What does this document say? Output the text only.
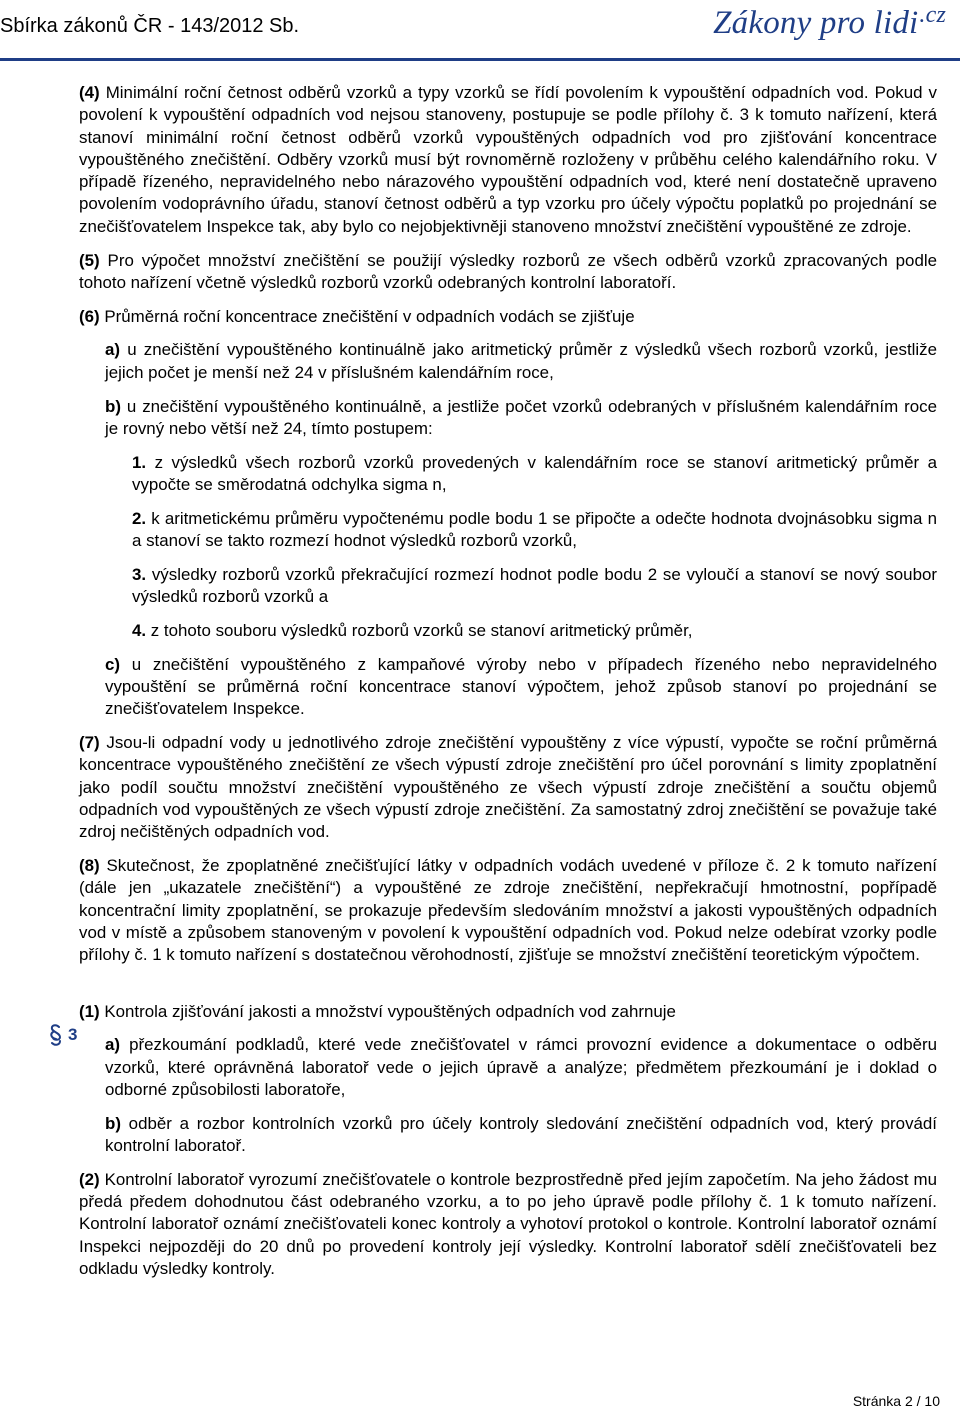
Sbírka zákonů ČR - 143/2012 Sb.	Zákony pro lidi$^{.cz}$
3

(4) Minimální roční četnost odběrů vzorků a typy vzorků se řídí povolením k vypouštění odpadních vod. Pokud v povolení k vypouštění odpadních vod nejsou stanoveny, postupuje se podle přílohy č. 3 k tomuto nařízení, která stanoví minimální roční četnost odběrů vzorků vypouštěných odpadních vod pro zjišťování koncentrace vypouštěného znečištění. Odběry vzorků musí být rovnoměrně rozloženy v průběhu celého kalendářního roku. V případě řízeného, nepravidelného nebo nárazového vypouštění odpadních vod, které není dostatečně upraveno povolením vodoprávního úřadu, stanoví četnost odběrů a typ vzorku pro účely výpočtu poplatků po projednání se znečišťovatelem Inspekce tak, aby bylo co nejobjektivněji stanoveno množství znečištění vypouštěné ze zdroje.

(5) Pro výpočet množství znečištění se použijí výsledky rozborů ze všech odběrů vzorků zpracovaných podle tohoto nařízení včetně výsledků rozborů vzorků odebraných kontrolní laboratoří.

(6) Průměrná roční koncentrace znečištění v odpadních vodách se zjišťuje

a) u znečištění vypouštěného kontinuálně jako aritmetický průměr z výsledků všech rozborů vzorků, jestliže jejich počet je menší než 24 v příslušném kalendářním roce,

b) u znečištění vypouštěného kontinuálně, a jestliže počet vzorků odebraných v příslušném kalendářním roce je rovný nebo větší než 24, tímto postupem:

1. z výsledků všech rozborů vzorků provedených v kalendářním roce se stanoví aritmetický průměr a vypočte se směrodatná odchylka sigma n,

2. k aritmetickému průměru vypočtenému podle bodu 1 se připočte a odečte hodnota dvojnásobku sigma n a stanoví se takto rozmezí hodnot výsledků rozborů vzorků,

3. výsledky rozborů vzorků překračující rozmezí hodnot podle bodu 2 se vyloučí a stanoví se nový soubor výsledků rozborů vzorků a

4. z tohoto souboru výsledků rozborů vzorků se stanoví aritmetický průměr,

c) u znečištění vypouštěného z kampaňové výroby nebo v případech řízeného nebo nepravidelného vypouštění se průměrná roční koncentrace stanoví výpočtem, jehož způsob stanoví po projednání se znečišťovatelem Inspekce.

(7) Jsou-li odpadní vody u jednotlivého zdroje znečištění vypouštěny z více výpustí, vypočte se roční průměrná koncentrace vypouštěného znečištění ze všech výpustí zdroje znečištění pro účel porovnání s limity zpoplatnění jako podíl součtu množství znečištění vypouštěného ze všech výpustí zdroje znečištění a součtu objemů odpadních vod vypouštěných ze všech výpustí zdroje znečištění. Za samostatný zdroj znečištění se považuje také zdroj nečištěných odpadních vod.

(8) Skutečnost, že zpoplatněné znečišťující látky v odpadních vodách uvedené v příloze č. 2 k tomuto nařízení (dále jen „ukazatele znečištění“) a vypouštěné ze zdroje znečištění, nepřekračují hmotnostní, popřípadě koncentrační limity zpoplatnění, se prokazuje především sledováním množství a jakosti vypouštěných odpadních vod v místě a způsobem stanoveným v povolení k vypouštění odpadních vod. Pokud nelze odebírat vzorky podle přílohy č. 1 k tomuto nařízení s dostatečnou věrohodností, zjišťuje se množství znečištění teoretickým výpočtem.

(1) Kontrola zjišťování jakosti a množství vypouštěných odpadních vod zahrnuje

a) přezkoumání podkladů, které vede znečišťovatel v rámci provozní evidence a dokumentace o odběru vzorků, které oprávněná laboratoř vede o jejich úpravě a analýze; předmětem přezkoumání je i doklad o odborné způsobilosti laboratoře,

b) odběr a rozbor kontrolních vzorků pro účely kontroly sledování znečištění odpadních vod, který provádí kontrolní laboratoř.

(2) Kontrolní laboratoř vyrozumí znečišťovatele o kontrole bezprostředně před jejím započetím. Na jeho žádost mu předá předem dohodnutou část odebraného vzorku, a to po jeho úpravě podle přílohy č. 1 k tomuto nařízení. Kontrolní laboratoř oznámí znečišťovateli konec kontroly a vyhotoví protokol o kontrole. Kontrolní laboratoř oznámí Inspekci nejpozději do 20 dnů po provedení kontroly její výsledky. Kontrolní laboratoř sdělí znečišťovateli bez odkladu výsledky kontroly.

Stránka 2 / 10
